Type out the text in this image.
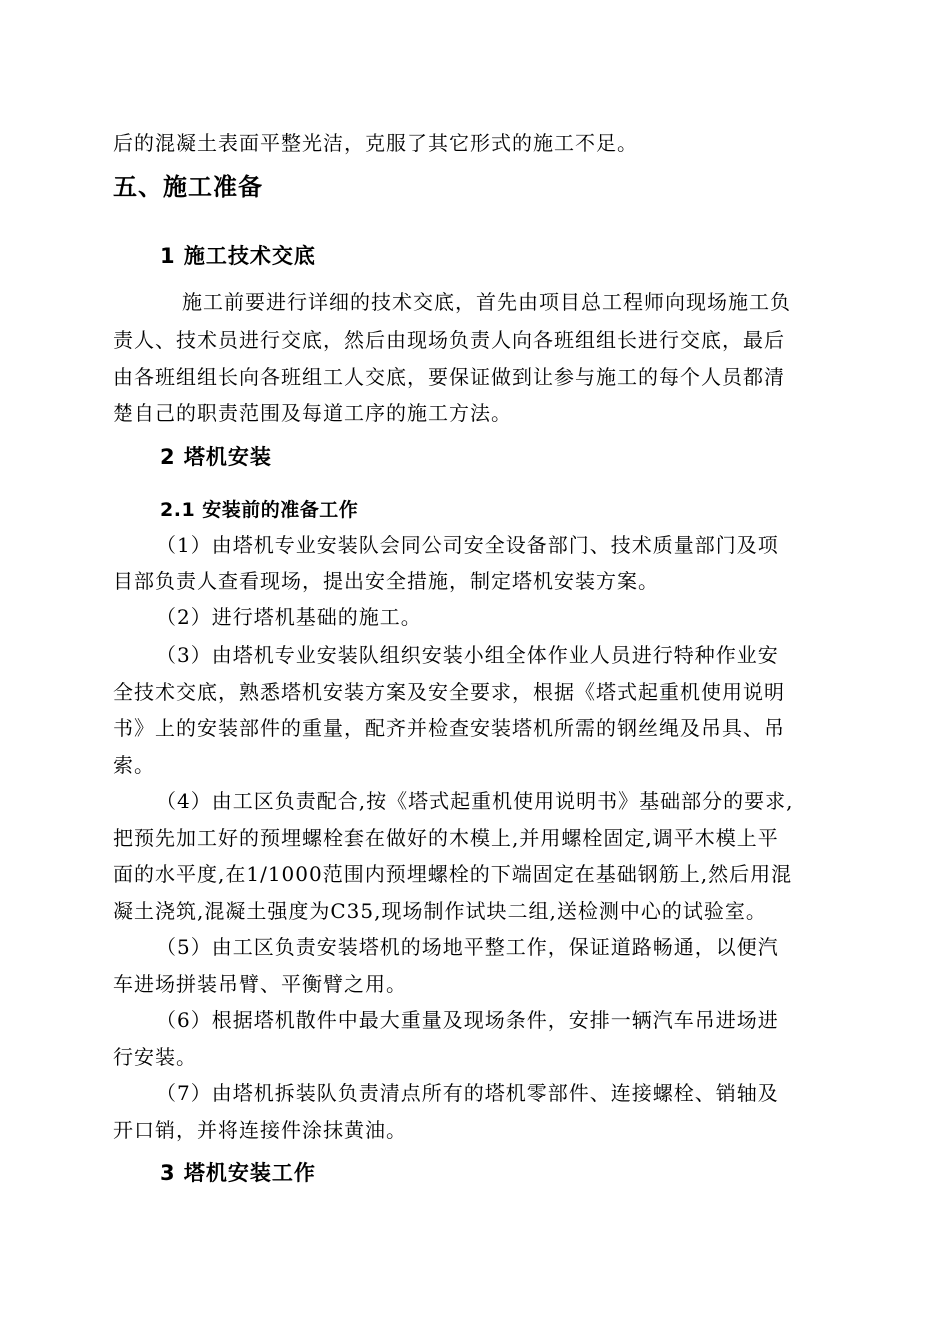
后的混凝土表面平整光洁，克服了其它形式的施工不足。
五、施工准备
1 施工技术交底
施工前要进行详细的技术交底，首先由项目总工程师向现场施工负
责人、技术员进行交底，然后由现场负责人向各班组组长进行交底，最后
由各班组组长向各班组工人交底，要保证做到让参与施工的每个人员都清
楚自己的职责范围及每道工序的施工方法。
2 塔机安装
2.1 安装前的准备工作
（1）由塔机专业安装队会同公司安全设备部门、技术质量部门及项
目部负责人查看现场，提出安全措施，制定塔机安装方案。
（2）进行塔机基础的施工。
（3）由塔机专业安装队组织安装小组全体作业人员进行特种作业安
全技术交底，熟悉塔机安装方案及安全要求，根据《塔式起重机使用说明
书》上的安装部件的重量，配齐并检查安装塔机所需的钢丝绳及吊具、吊
索。
（4）由工区负责配合,按《塔式起重机使用说明书》基础部分的要求,
把预先加工好的预埋螺栓套在做好的木模上,并用螺栓固定,调平木模上平
面的水平度,在1/1000范围内预埋螺栓的下端固定在基础钢筋上,然后用混
凝土浇筑,混凝土强度为C35,现场制作试块二组,送检测中心的试验室。
（5）由工区负责安装塔机的场地平整工作，保证道路畅通，以便汽
车进场拼装吊臂、平衡臂之用。
（6）根据塔机散件中最大重量及现场条件，安排一辆汽车吊进场进
行安装。
（7）由塔机拆装队负责清点所有的塔机零部件、连接螺栓、销轴及
开口销，并将连接件涂抹黄油。
3 塔机安装工作
